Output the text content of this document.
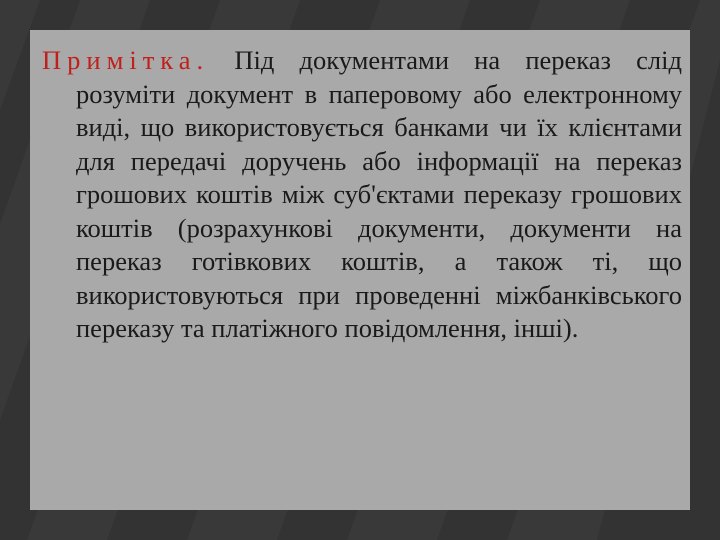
Примітка. Під документами на переказ слід розуміти документ в паперовому або електронному виді, що використовується банками чи їх клієнтами для передачі доручень або інформації на переказ грошових коштів між суб'єктами переказу грошових коштів (розрахункові документи, документи на переказ готівкових коштів, а також ті, що використовуються при проведенні міжбанківського переказу та платіжного повідомлення, інші).
